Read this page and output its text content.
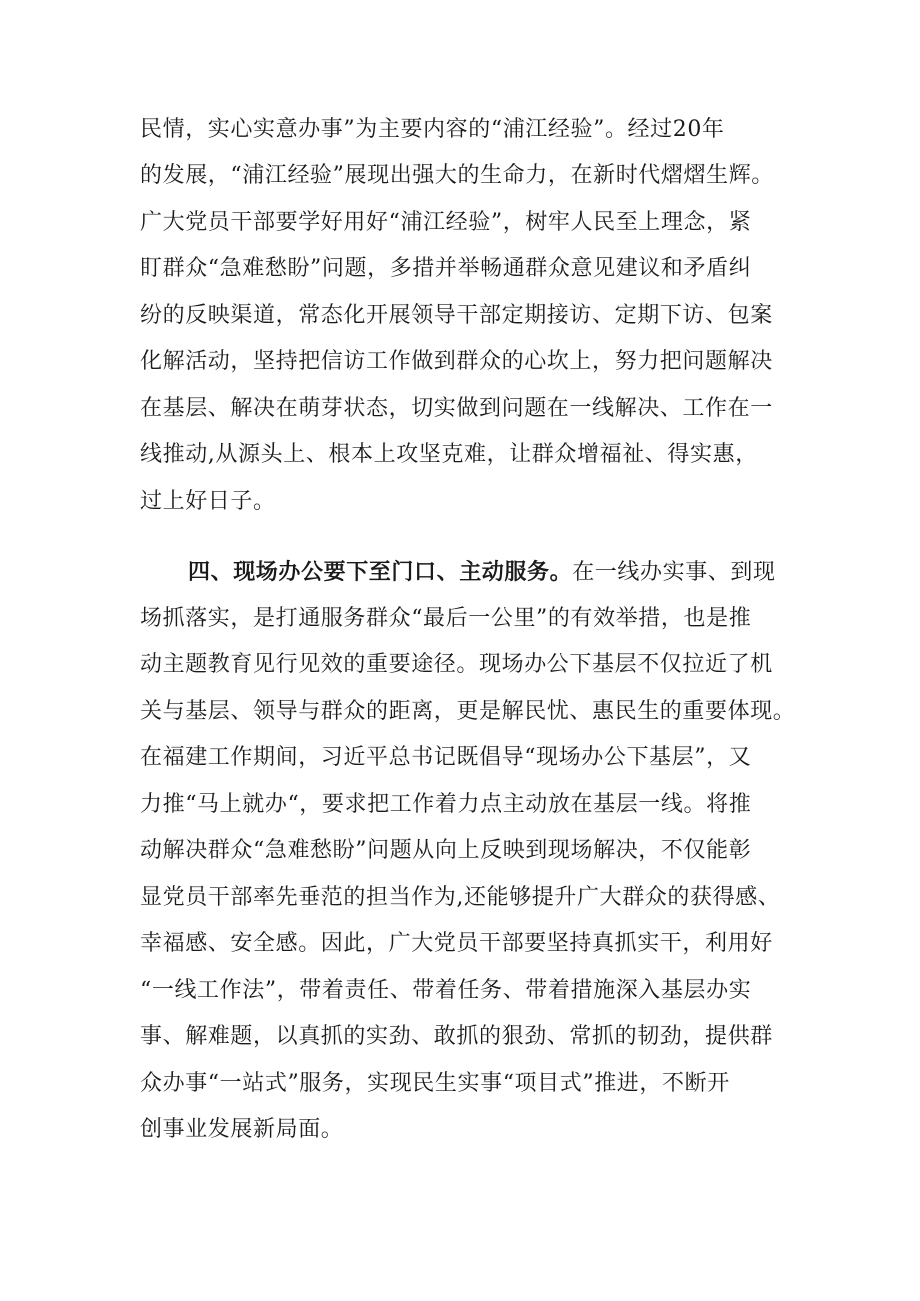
民情，实心实意办事”为主要内容的“浦江经验”。经过20年
的发展，“浦江经验”展现出强大的生命力，在新时代熠熠生辉。
广大党员干部要学好用好“浦江经验”，树牢人民至上理念，紧
盯群众“急难愁盼”问题，多措并举畅通群众意见建议和矛盾纠
纷的反映渠道，常态化开展领导干部定期接访、定期下访、包案
化解活动，坚持把信访工作做到群众的心坎上，努力把问题解决
在基层、解决在萌芽状态，切实做到问题在一线解决、工作在一
线推动,从源头上、根本上攻坚克难，让群众增福祉、得实惠，
过上好日子。
四、现场办公要下至门口、主动服务。在一线办实事、到现
场抓落实，是打通服务群众“最后一公里”的有效举措，也是推
动主题教育见行见效的重要途径。现场办公下基层不仅拉近了机
关与基层、领导与群众的距离，更是解民忧、惠民生的重要体现。
在福建工作期间，习近平总书记既倡导“现场办公下基层”，又
力推“马上就办“，要求把工作着力点主动放在基层一线。将推
动解决群众“急难愁盼”问题从向上反映到现场解决，不仅能彰
显党员干部率先垂范的担当作为,还能够提升广大群众的获得感、
幸福感、安全感。因此，广大党员干部要坚持真抓实干，利用好
“一线工作法”，带着责任、带着任务、带着措施深入基层办实
事、解难题，以真抓的实劲、敢抓的狠劲、常抓的韧劲，提供群
众办事“一站式”服务，实现民生实事“项目式”推进，不断开
创事业发展新局面。
